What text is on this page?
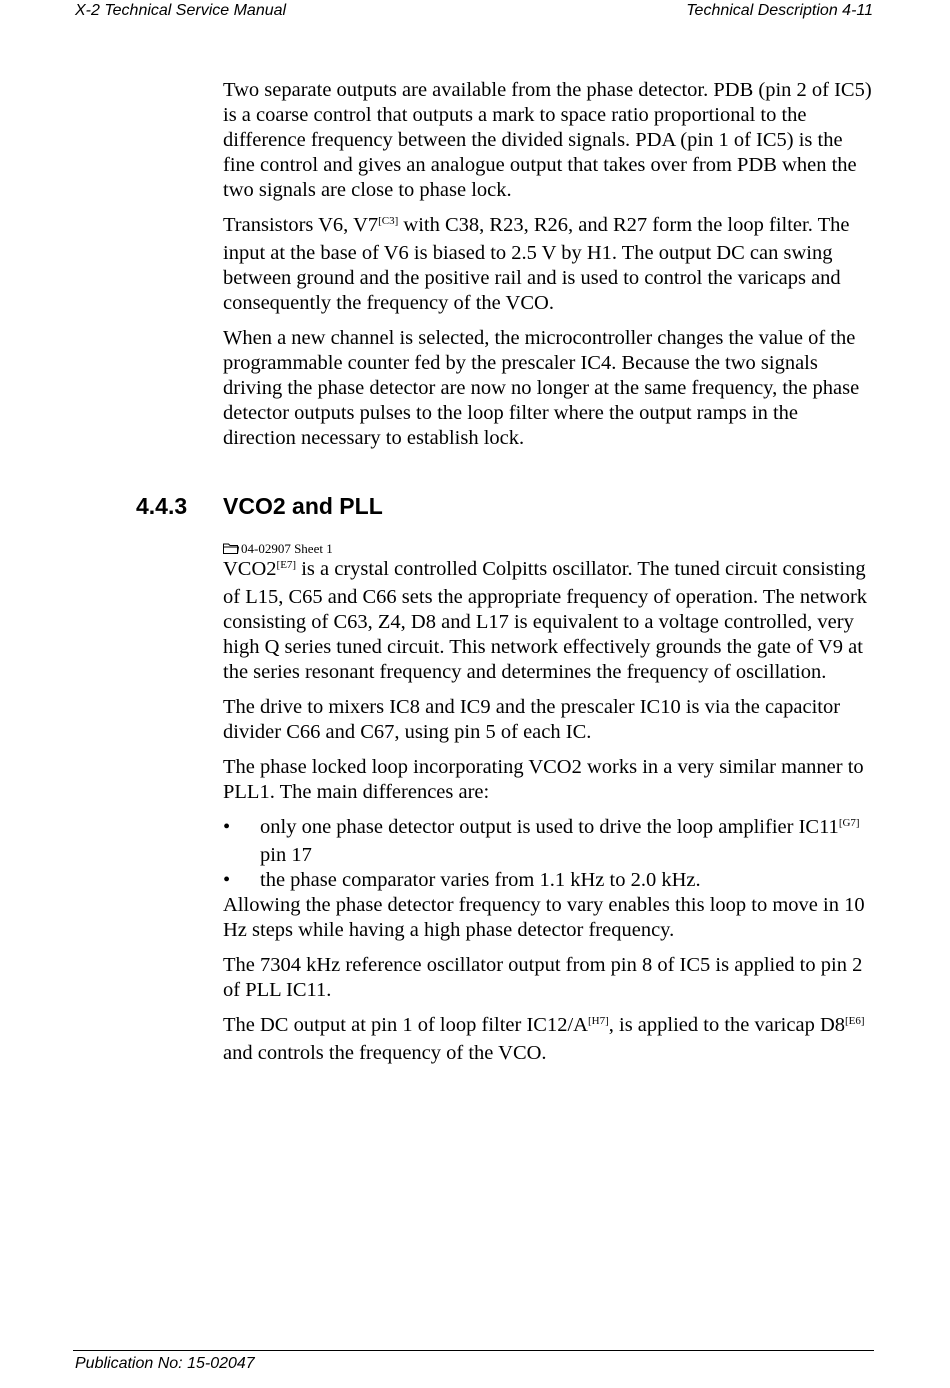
X-2 Technical Service Manual	Technical Description 4-11

Two separate outputs are available from the phase detector. PDB (pin 2 of IC5) is a coarse control that outputs a mark to space ratio proportional to the difference frequency between the divided signals. PDA (pin 1 of IC5) is the fine control and gives an analogue output that takes over from PDB when the two signals are close to phase lock.

Transistors V6, V7[C3] with C38, R23, R26, and R27 form the loop filter. The input at the base of V6 is biased to 2.5 V by H1. The output DC can swing between ground and the positive rail and is used to control the varicaps and consequently the frequency of the VCO.

When a new channel is selected, the microcontroller changes the value of the programmable counter fed by the prescaler IC4. Because the two signals driving the phase detector are now no longer at the same frequency, the phase detector outputs pulses to the loop filter where the output ramps in the direction necessary to establish lock.

4.4.3 VCO2 and PLL
04-02907 Sheet 1

VCO2[E7] is a crystal controlled Colpitts oscillator. The tuned circuit consisting of L15, C65 and C66 sets the appropriate frequency of operation. The network consisting of C63, Z4, D8 and L17 is equivalent to a voltage controlled, very high Q series tuned circuit. This network effectively grounds the gate of V9 at the series resonant frequency and determines the frequency of oscillation.

The drive to mixers IC8 and IC9 and the prescaler IC10 is via the capacitor divider C66 and C67, using pin 5 of each IC.

The phase locked loop incorporating VCO2 works in a very similar manner to PLL1. The main differences are:

• only one phase detector output is used to drive the loop amplifier IC11[G7] pin 17
• the phase comparator varies from 1.1 kHz to 2.0 kHz.

Allowing the phase detector frequency to vary enables this loop to move in 10 Hz steps while having a high phase detector frequency.

The 7304 kHz reference oscillator output from pin 8 of IC5 is applied to pin 2 of PLL IC11.

The DC output at pin 1 of loop filter IC12/A[H7], is applied to the varicap D8[E6] and controls the frequency of the VCO.

Publication No: 15-02047
